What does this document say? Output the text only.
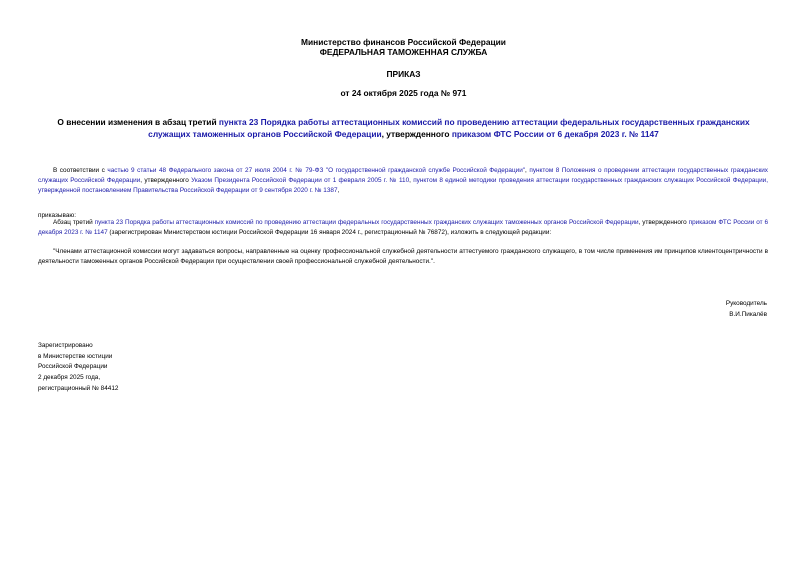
Министерство финансов Российской Федерации
ФЕДЕРАЛЬНАЯ ТАМОЖЕННАЯ СЛУЖБА
ПРИКАЗ
от 24 октября 2025 года № 971
О внесении изменения в абзац третий пункта 23 Порядка работы аттестационных комиссий по проведению аттестации федеральных государственных гражданских служащих таможенных органов Российской Федерации, утвержденного приказом ФТС России от 6 декабря 2023 г. № 1147
В соответствии с частью 9 статьи 48 Федерального закона от 27 июля 2004 г. № 79-ФЗ "О государственной гражданской службе Российской Федерации", пунктом 8 Положения о проведении аттестации государственных гражданских служащих Российской Федерации, утвержденного Указом Президента Российской Федерации от 1 февраля 2005 г. № 110, пунктом 8 единой методики проведения аттестации государственных гражданских служащих Российской Федерации, утвержденной постановлением Правительства Российской Федерации от 9 сентября 2020 г. № 1387,
приказываю:
Абзац третий пункта 23 Порядка работы аттестационных комиссий по проведению аттестации федеральных государственных гражданских служащих таможенных органов Российской Федерации, утвержденного приказом ФТС России от 6 декабря 2023 г. № 1147 (зарегистрирован Министерством юстиции Российской Федерации 16 января 2024 г., регистрационный № 76872), изложить в следующей редакции:
"Членами аттестационной комиссии могут задаваться вопросы, направленные на оценку профессиональной служебной деятельности аттестуемого гражданского служащего, в том числе применения им принципов клиентоцентричности в деятельности таможенных органов Российской Федерации при осуществлении своей профессиональной служебной деятельности.".
Руководитель
В.И.Пикалёв
Зарегистрировано
в Министерстве юстиции
Российской Федерации
2 декабря 2025 года,
регистрационный № 84412
